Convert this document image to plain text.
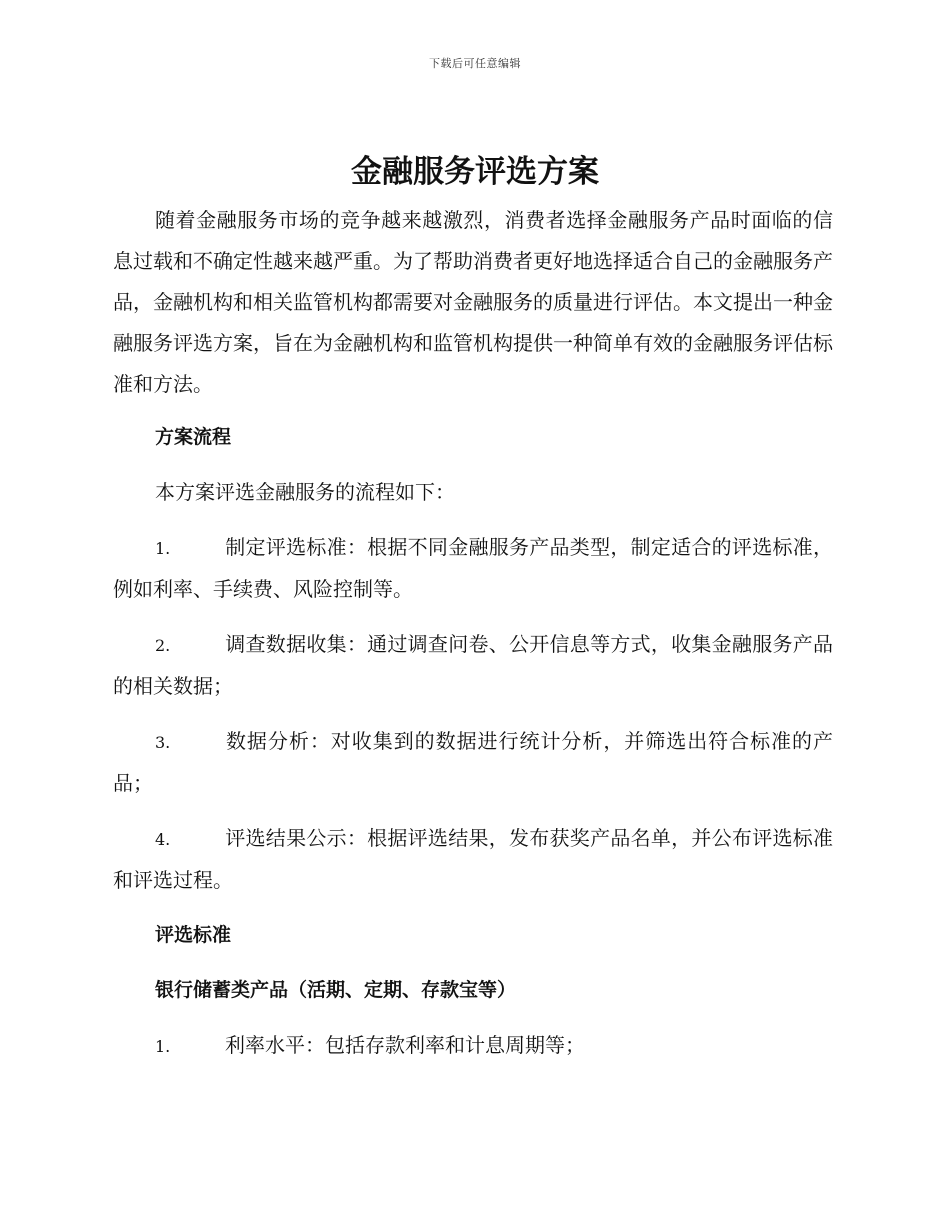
下载后可任意编辑
金融服务评选方案

随着金融服务市场的竞争越来越激烈，消费者选择金融服务产品时面临的信息过载和不确定性越来越严重。为了帮助消费者更好地选择适合自己的金融服务产品，金融机构和相关监管机构都需要对金融服务的质量进行评估。本文提出一种金融服务评选方案，旨在为金融机构和监管机构提供一种简单有效的金融服务评估标准和方法。

方案流程

本方案评选金融服务的流程如下：

1.	制定评选标准：根据不同金融服务产品类型，制定适合的评选标准，例如利率、手续费、风险控制等。

2.	调查数据收集：通过调查问卷、公开信息等方式，收集金融服务产品的相关数据；

3.	数据分析：对收集到的数据进行统计分析，并筛选出符合标准的产品；

4.	评选结果公示：根据评选结果，发布获奖产品名单，并公布评选标准和评选过程。

评选标准

银行储蓄类产品（活期、定期、存款宝等）

1.	利率水平：包括存款利率和计息周期等；
